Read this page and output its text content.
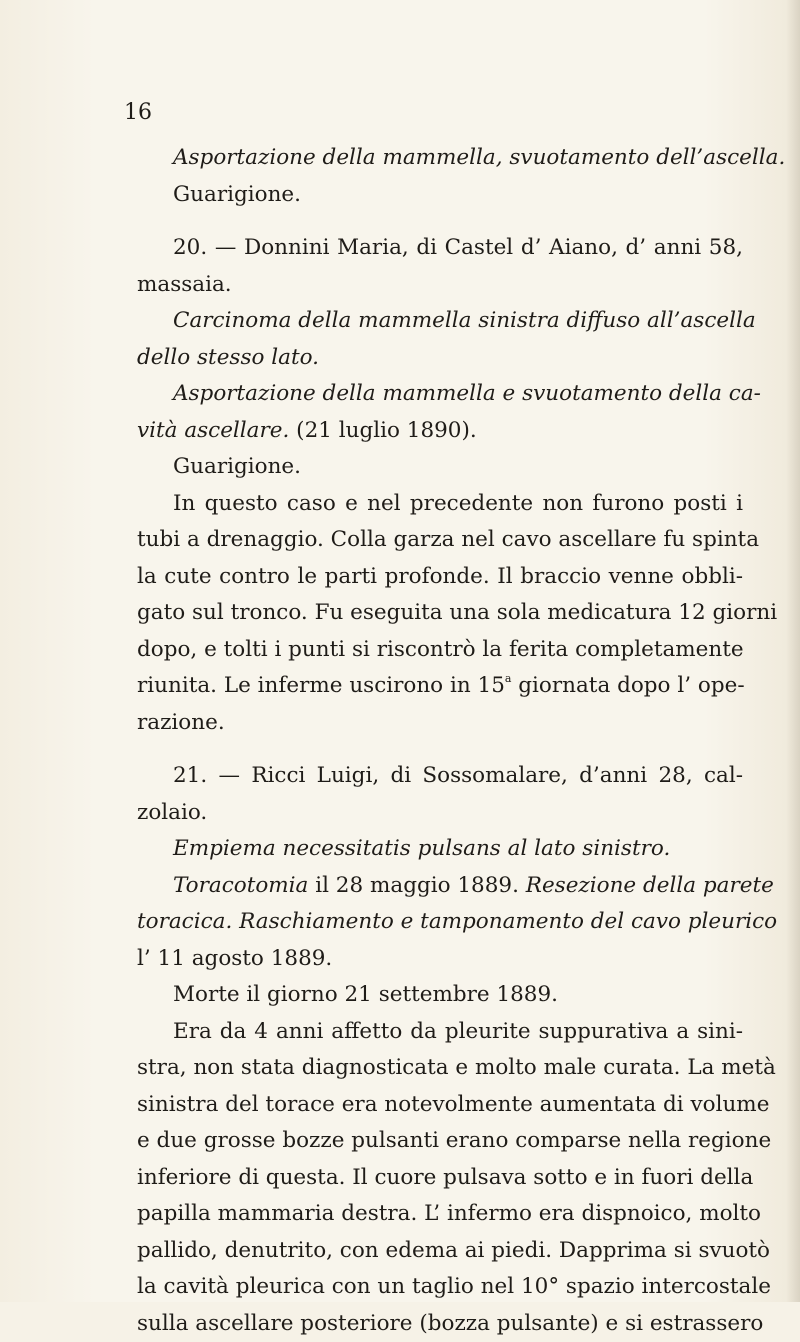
16
Asportazione della mammella, svuotamento dell’ascella.
Guarigione.
20. — Donnini Maria, di Castel d’ Aiano, d’ anni 58,
massaia.
Carcinoma della mammella sinistra diffuso all’ascella
dello stesso lato.
Asportazione della mammella e svuotamento della ca-
vità ascellare. (21 luglio 1890).
Guarigione.
In questo caso e nel precedente non furono posti i
tubi a drenaggio. Colla garza nel cavo ascellare fu spinta
la cute contro le parti profonde. Il braccio venne obbli-
gato sul tronco. Fu eseguita una sola medicatura 12 giorni
dopo, e tolti i punti si riscontrò la ferita completamente
riunita. Le inferme uscirono in 15$^a$ giornata dopo l’ ope-
razione.
21. — Ricci Luigi, di Sossomalare, d’anni 28, cal-
zolaio.
Empiema necessitatis pulsans al lato sinistro.
Toracotomia il 28 maggio 1889. Resezione della parete
toracica. Raschiamento e tamponamento del cavo pleurico
l’ 11 agosto 1889.
Morte il giorno 21 settembre 1889.
Era da 4 anni affetto da pleurite suppurativa a sini-
stra, non stata diagnosticata e molto male curata. La metà
sinistra del torace era notevolmente aumentata di volume
e due grosse bozze pulsanti erano comparse nella regione
inferiore di questa. Il cuore pulsava sotto e in fuori della
papilla mammaria destra. L’ infermo era dispnoico, molto
pallido, denutrito, con edema ai piedi. Dapprima si svuotò
la cavità pleurica con un taglio nel 10° spazio intercostale
sulla ascellare posteriore (bozza pulsante) e si estrassero
